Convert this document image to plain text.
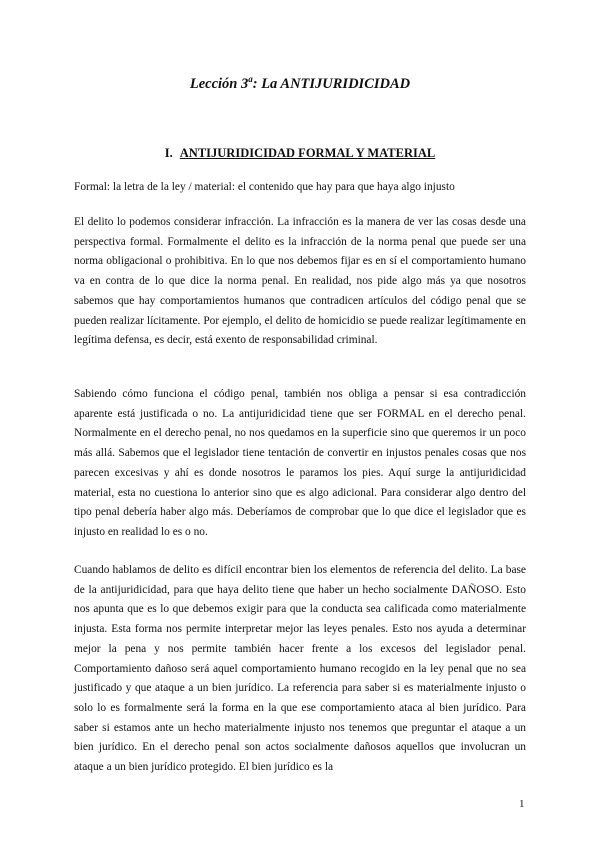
Lección 3$^a$: La ANTIJURIDICIDAD
I. ANTIJURIDICIDAD FORMAL Y MATERIAL

Formal: la letra de la ley / material: el contenido que hay para que haya algo injusto

El delito lo podemos considerar infracción. La infracción es la manera de ver las cosas desde una perspectiva formal. Formalmente el delito es la infracción de la norma penal que puede ser una norma obligacional o prohibitiva. En lo que nos debemos fijar es en sí el comportamiento humano va en contra de lo que dice la norma penal. En realidad, nos pide algo más ya que nosotros sabemos que hay comportamientos humanos que contradicen artículos del código penal que se pueden realizar lícitamente. Por ejemplo, el delito de homicidio se puede realizar legítimamente en legítima defensa, es decir, está exento de responsabilidad criminal.

Sabiendo cómo funciona el código penal, también nos obliga a pensar si esa contradicción aparente está justificada o no. La antijuridicidad tiene que ser FORMAL en el derecho penal. Normalmente en el derecho penal, no nos quedamos en la superficie sino que queremos ir un poco más allá. Sabemos que el legislador tiene tentación de convertir en injustos penales cosas que nos parecen excesivas y ahí es donde nosotros le paramos los pies. Aquí surge la antijuridicidad material, esta no cuestiona lo anterior sino que es algo adicional. Para considerar algo dentro del tipo penal debería haber algo más. Deberíamos de comprobar que lo que dice el legislador que es injusto en realidad lo es o no.

Cuando hablamos de delito es difícil encontrar bien los elementos de referencia del delito. La base de la antijuridicidad, para que haya delito tiene que haber un hecho socialmente DAÑOSO. Esto nos apunta que es lo que debemos exigir para que la conducta sea calificada como materialmente injusta. Esta forma nos permite interpretar mejor las leyes penales. Esto nos ayuda a determinar mejor la pena y nos permite también hacer frente a los excesos del legislador penal. Comportamiento dañoso será aquel comportamiento humano recogido en la ley penal que no sea justificado y que ataque a un bien jurídico. La referencia para saber si es materialmente injusto o solo lo es formalmente será la forma en la que ese comportamiento ataca al bien jurídico. Para saber si estamos ante un hecho materialmente injusto nos tenemos que preguntar el ataque a un bien jurídico. En el derecho penal son actos socialmente dañosos aquellos que involucran un ataque a un bien jurídico protegido. El bien jurídico es la

1
